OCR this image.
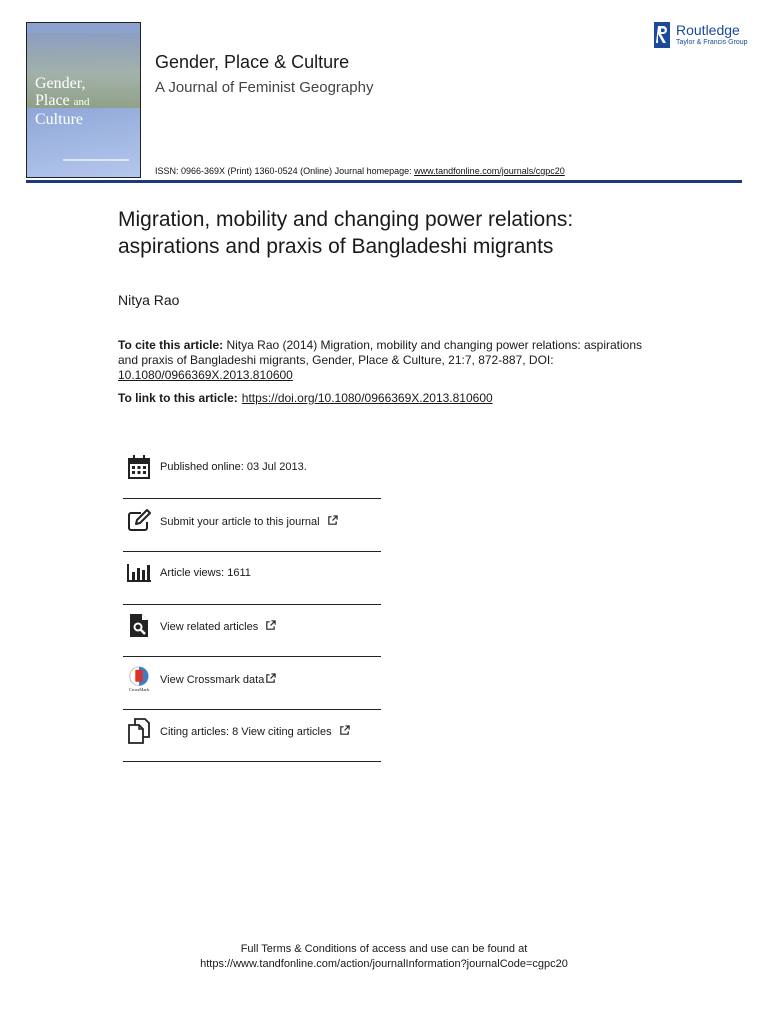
Gender,
Place and
Culture
Gender, Place & Culture
A Journal of Feminist Geography
ISSN: 0966-369X (Print) 1360-0524 (Online) Journal homepage: www.tandfonline.com/journals/cgpc20
Routledge
Taylor & Francis Group
Migration, mobility and changing power relations: aspirations and praxis of Bangladeshi migrants
Nitya Rao
To cite this article: Nitya Rao (2014) Migration, mobility and changing power relations: aspirations and praxis of Bangladeshi migrants, Gender, Place & Culture, 21:7, 872-887, DOI: 10.1080/0966369X.2013.810600
To link to this article: https://doi.org/10.1080/0966369X.2013.810600
Published online: 03 Jul 2013.
Submit your article to this journal
Article views: 1611
View related articles
CrossMark
View Crossmark data
Citing articles: 8 View citing articles
Full Terms & Conditions of access and use can be found at
https://www.tandfonline.com/action/journalInformation?journalCode=cgpc20
